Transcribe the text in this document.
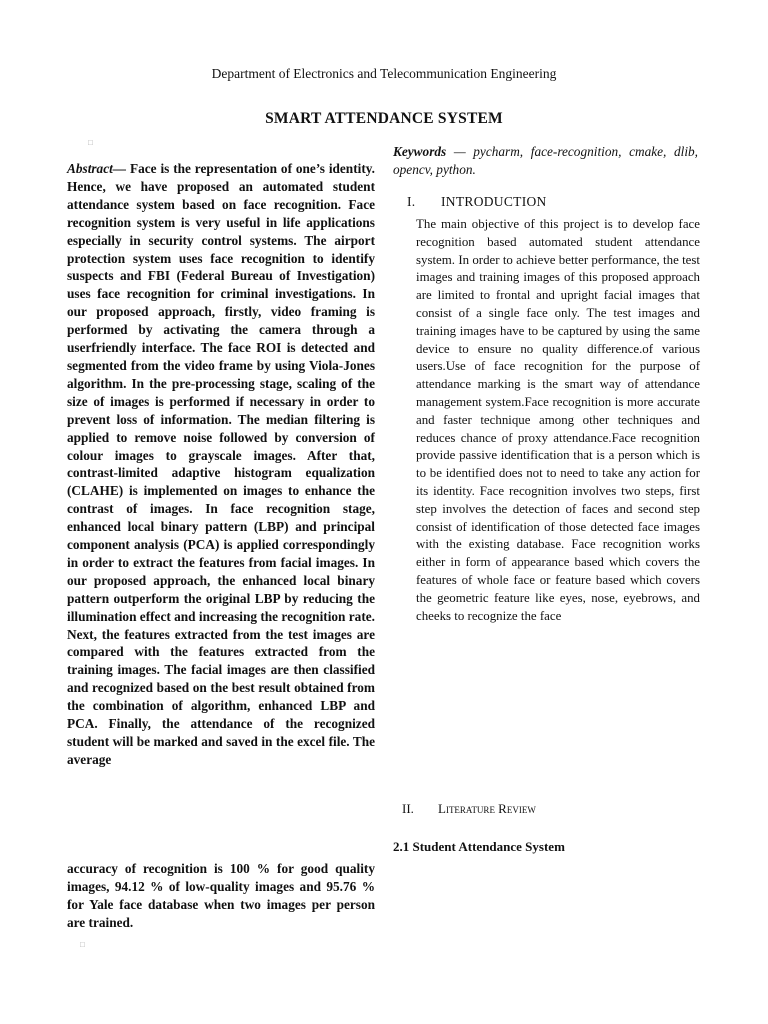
Department of Electronics and Telecommunication Engineering
SMART ATTENDANCE SYSTEM
□
Abstract— Face is the representation of one’s identity. Hence, we have proposed an automated student attendance system based on face recognition. Face recognition system is very useful in life applications especially in security control systems. The airport protection system uses face recognition to identify suspects and FBI (Federal Bureau of Investigation) uses face recognition for criminal investigations. In our proposed approach, firstly, video framing is performed by activating the camera through a userfriendly interface. The face ROI is detected and segmented from the video frame by using Viola-Jones algorithm. In the pre-processing stage, scaling of the size of images is performed if necessary in order to prevent loss of information. The median filtering is applied to remove noise followed by conversion of colour images to grayscale images. After that, contrast-limited adaptive histogram equalization (CLAHE) is implemented on images to enhance the contrast of images. In face recognition stage, enhanced local binary pattern (LBP) and principal component analysis (PCA) is applied correspondingly in order to extract the features from facial images. In our proposed approach, the enhanced local binary pattern outperform the original LBP by reducing the illumination effect and increasing the recognition rate. Next, the features extracted from the test images are compared with the features extracted from the training images. The facial images are then classified and recognized based on the best result obtained from the combination of algorithm, enhanced LBP and PCA. Finally, the attendance of the recognized student will be marked and saved in the excel file. The average
accuracy of recognition is 100 % for good quality images, 94.12 % of low-quality images and 95.76 % for Yale face database when two images per person are trained.
□
Keywords — pycharm, face-recognition, cmake, dlib, opencv, python.
I. INTRODUCTION
The main objective of this project is to develop face recognition based automated student attendance system. In order to achieve better performance, the test images and training images of this proposed approach are limited to frontal and upright facial images that consist of a single face only. The test images and training images have to be captured by using the same device to ensure no quality difference.of various users.Use of face recognition for the purpose of attendance marking is the smart way of attendance management system.Face recognition is more accurate and faster technique among other techniques and reduces chance of proxy attendance.Face recognition provide passive identification that is a person which is to be identified does not to need to take any action for its identity. Face recognition involves two steps, first step involves the detection of faces and second step consist of identification of those detected face images with the existing database. Face recognition works either in form of appearance based which covers the features of whole face or feature based which covers the geometric feature like eyes, nose, eyebrows, and cheeks to recognize the face
II. Literature Review
2.1 Student Attendance System
